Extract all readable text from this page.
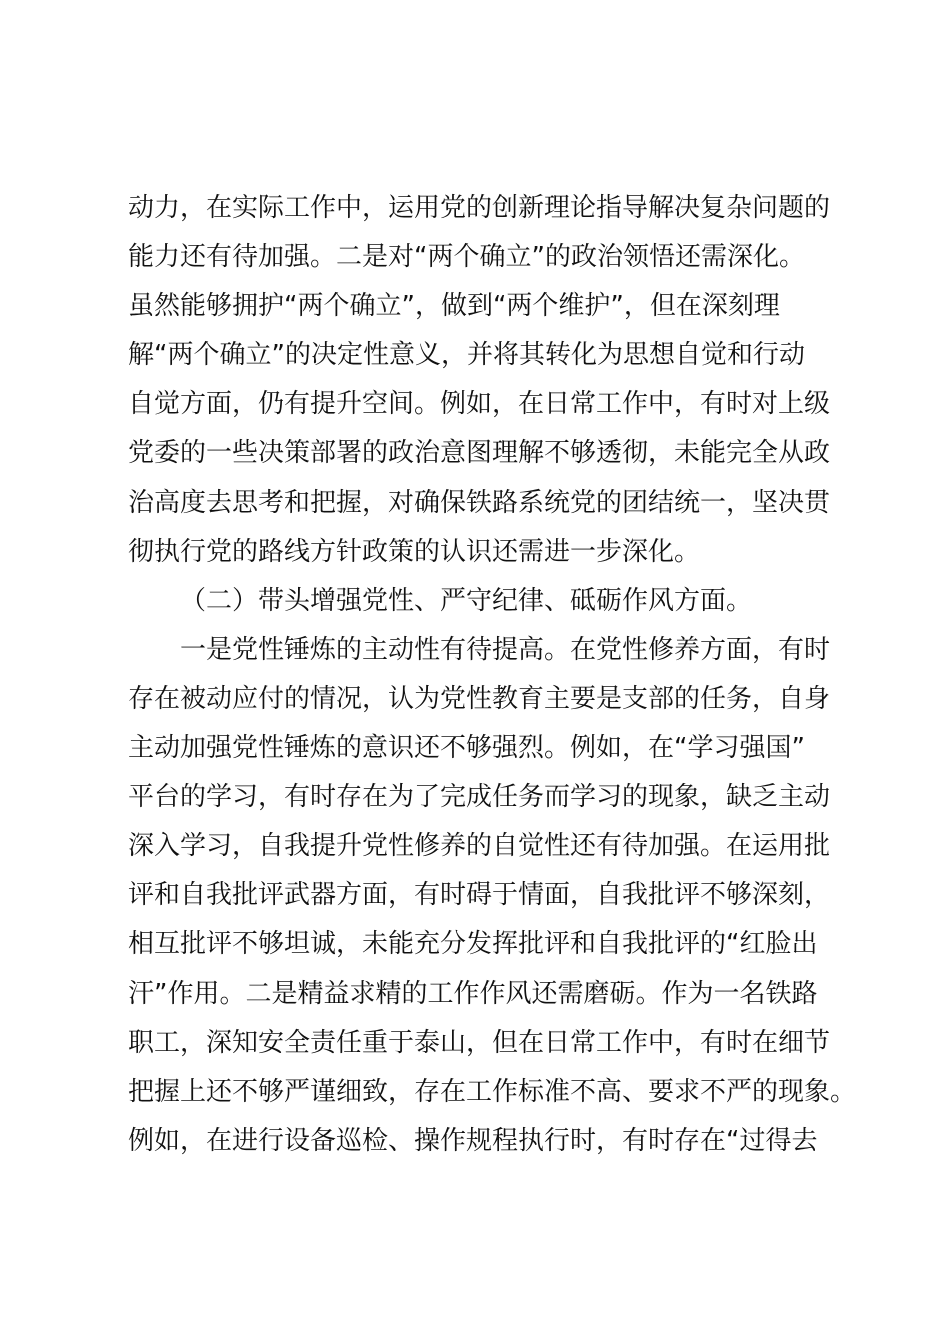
动力，在实际工作中，运用党的创新理论指导解决复杂问题的
能力还有待加强。二是对“两个确立”的政治领悟还需深化。
虽然能够拥护“两个确立”，做到“两个维护”，但在深刻理
解“两个确立”的决定性意义，并将其转化为思想自觉和行动
自觉方面，仍有提升空间。例如，在日常工作中，有时对上级
党委的一些决策部署的政治意图理解不够透彻，未能完全从政
治高度去思考和把握，对确保铁路系统党的团结统一，坚决贯
彻执行党的路线方针政策的认识还需进一步深化。
（二）带头增强党性、严守纪律、砥砺作风方面。
一是党性锤炼的主动性有待提高。在党性修养方面，有时
存在被动应付的情况，认为党性教育主要是支部的任务，自身
主动加强党性锤炼的意识还不够强烈。例如，在“学习强国”
平台的学习，有时存在为了完成任务而学习的现象，缺乏主动
深入学习，自我提升党性修养的自觉性还有待加强。在运用批
评和自我批评武器方面，有时碍于情面，自我批评不够深刻，
相互批评不够坦诚，未能充分发挥批评和自我批评的“红脸出
汗”作用。二是精益求精的工作作风还需磨砺。作为一名铁路
职工，深知安全责任重于泰山，但在日常工作中，有时在细节
把握上还不够严谨细致，存在工作标准不高、要求不严的现象。
例如，在进行设备巡检、操作规程执行时，有时存在“过得去
